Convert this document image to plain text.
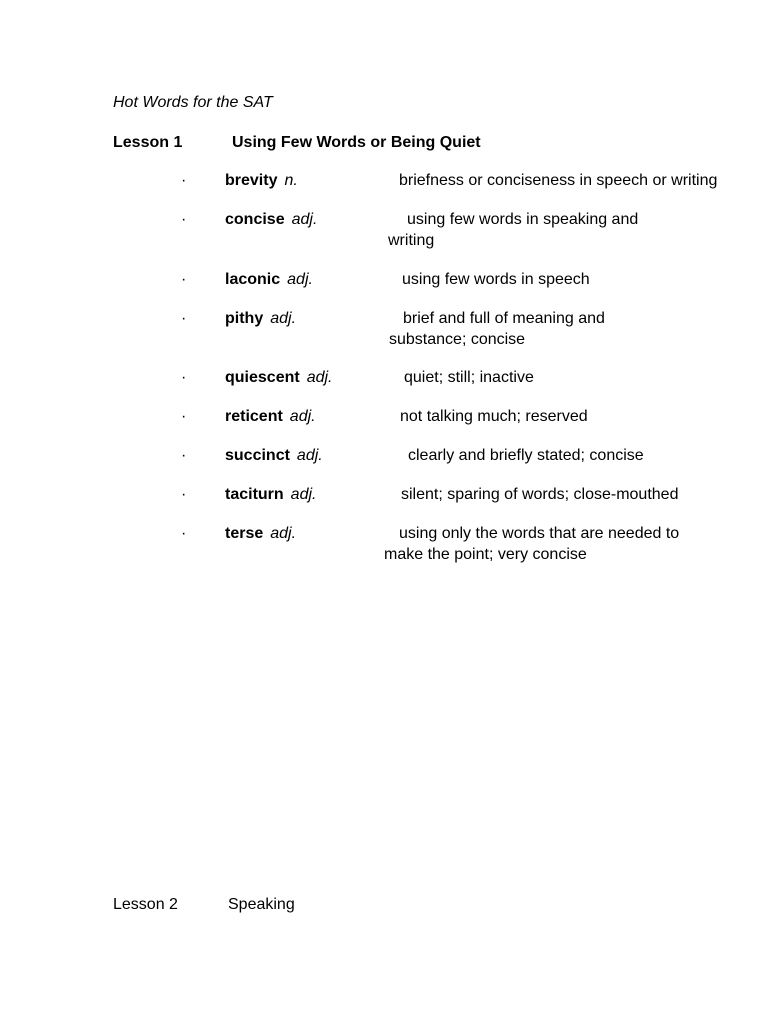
Hot Words for the SAT
Lesson 1	Using Few Words or Being Quiet
· brevity n.	briefness or conciseness in speech or writing
· concise adj.	using few words in speaking and
writing
· laconic adj.	using few words in speech
· pithy adj.	brief and full of meaning and
substance; concise
· quiescent adj.	quiet; still; inactive
· reticent adj.	not talking much; reserved
· succinct adj.	clearly and briefly stated; concise
· taciturn adj.	silent; sparing of words; close-mouthed
· terse adj.	using only the words that are needed to
make the point; very concise
Lesson 2	Speaking
